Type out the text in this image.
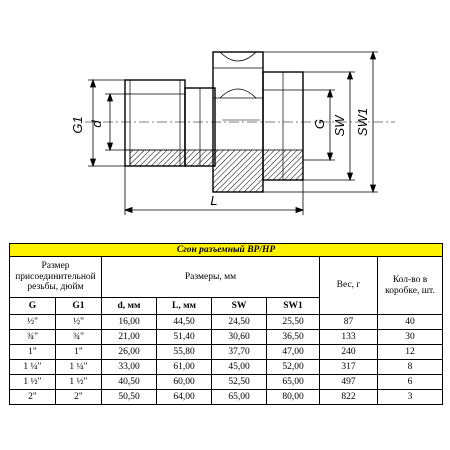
G1 d	G SW SW1
L
Сгон разъемный ВР/НР							
Размер присоединительной резьбы, дюйм		Размеры, мм				Вес, г	Кол-во в коробке, шт.
G	G1	d, мм	L, мм	SW	SW1		
½"	½"	16,00	44,50	24,50	25,50	87	40
¾"	¾"	21,00	51,40	30,60	36,50	133	30
1"	1"	26,00	55,80	37,70	47,00	240	12
1 ¼"	1 ¼"	33,00	61,00	45,00	52,00	317	8
1 ½"	1 ½"	40,50	60,00	52,50	65,00	497	6
2"	2"	50,50	64,00	65,00	80,00	822	3
